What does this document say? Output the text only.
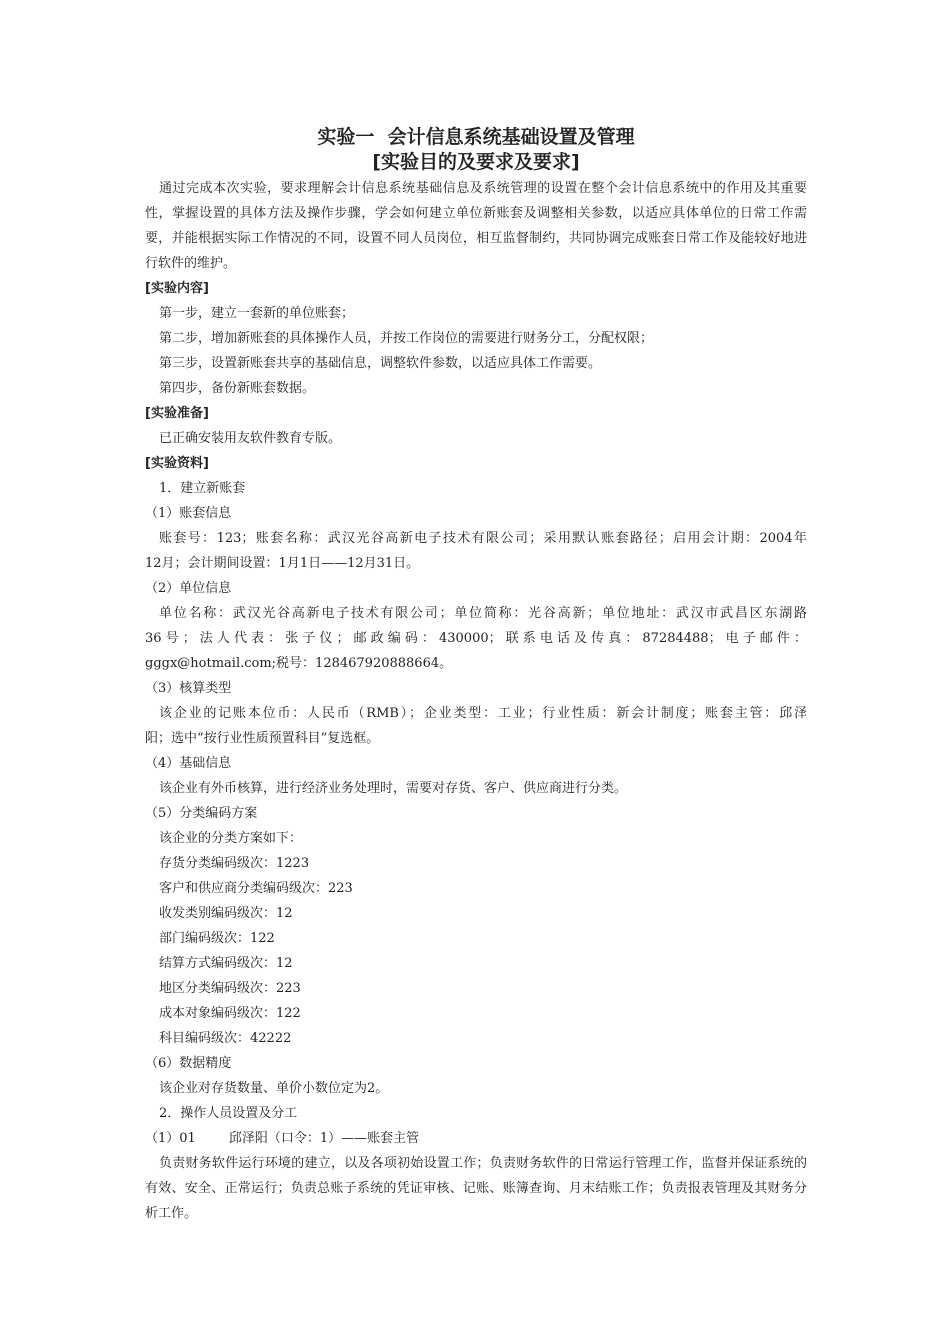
实验一  会计信息系统基础设置及管理
[实验目的及要求及要求]

通过完成本次实验，要求理解会计信息系统基础信息及系统管理的设置在整个会计信息系统中的作用及其重要性，掌握设置的具体方法及操作步骤，学会如何建立单位新账套及调整相关参数，以适应具体单位的日常工作需要，并能根据实际工作情况的不同，设置不同人员岗位，相互监督制约，共同协调完成账套日常工作及能较好地进行软件的维护。

[实验内容]

第一步，建立一套新的单位账套；

第二步，增加新账套的具体操作人员，并按工作岗位的需要进行财务分工，分配权限；

第三步，设置新账套共享的基础信息，调整软件参数，以适应具体工作需要。

第四步，备份新账套数据。

[实验准备]

已正确安装用友软件教育专版。

[实验资料]

1．建立新账套

（1）账套信息

账套号：123；账套名称：武汉光谷高新电子技术有限公司；采用默认账套路径；启用会计期：2004年

12月；会计期间设置：1月1日——12月31日。

（2）单位信息

单位名称：武汉光谷高新电子技术有限公司；单位简称：光谷高新；单位地址：武汉市武昌区东湖路

36号；法人代表：张子仪；邮政编码：430000；联系电话及传真：87284488；电子邮件：

gggx@hotmail.com;税号：128467920888664。

（3）核算类型

该企业的记账本位币：人民币（RMB）；企业类型：工业；行业性质：新会计制度；账套主管：邱泽

阳；选中“按行业性质预置科目”复选框。

（4）基础信息

该企业有外币核算，进行经济业务处理时，需要对存货、客户、供应商进行分类。

（5）分类编码方案

该企业的分类方案如下：

存货分类编码级次：1223

客户和供应商分类编码级次：223

收发类别编码级次：12

部门编码级次：122

结算方式编码级次：12

地区分类编码级次：223

成本对象编码级次：122

科目编码级次：42222

（6）数据精度

该企业对存货数量、单价小数位定为2。

2．操作人员设置及分工

（1）01        邱泽阳（口令：1）——账套主管

负责财务软件运行环境的建立，以及各项初始设置工作；负责财务软件的日常运行管理工作，监督并保证系统的有效、安全、正常运行；负责总账子系统的凭证审核、记账、账簿查询、月末结账工作；负责报表管理及其财务分析工作。
